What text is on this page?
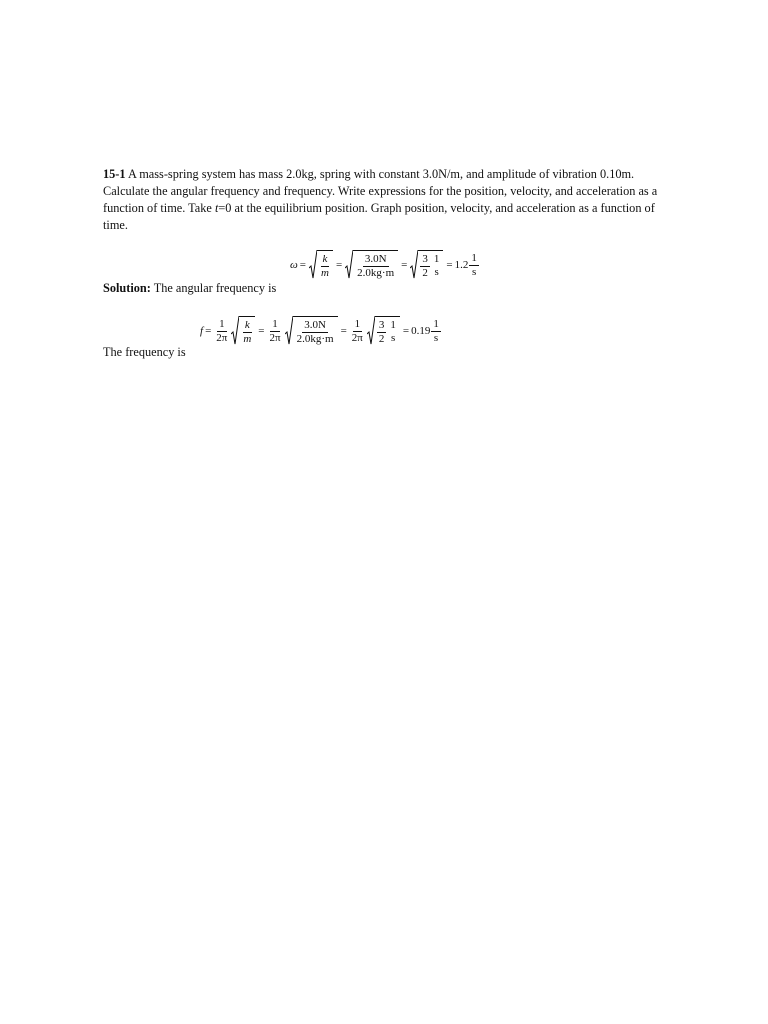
15-1 A mass-spring system has mass 2.0kg, spring with constant 3.0N/m, and amplitude of vibration 0.10m. Calculate the angular frequency and frequency. Write expressions for the position, velocity, and acceleration as a function of time. Take t=0 at the equilibrium position. Graph position, velocity, and acceleration as a function of time.
$\omega = \frac{k}{m} = \frac{3.0N}{2.0kg\cdot m} = \frac{3}{2} 1$
s
= $1.2 \frac{1}{s}$
Solution: The angular frequency is
$f = \frac{1}{2\pi} \frac{k}{m} = \frac{1}{2\pi} \frac{3.0N}{2.0kg\cdot m} = \frac{1}{2\pi} \frac{3}{2} 1$
s
= $0.19 \frac{1}{s}$
The frequency is
